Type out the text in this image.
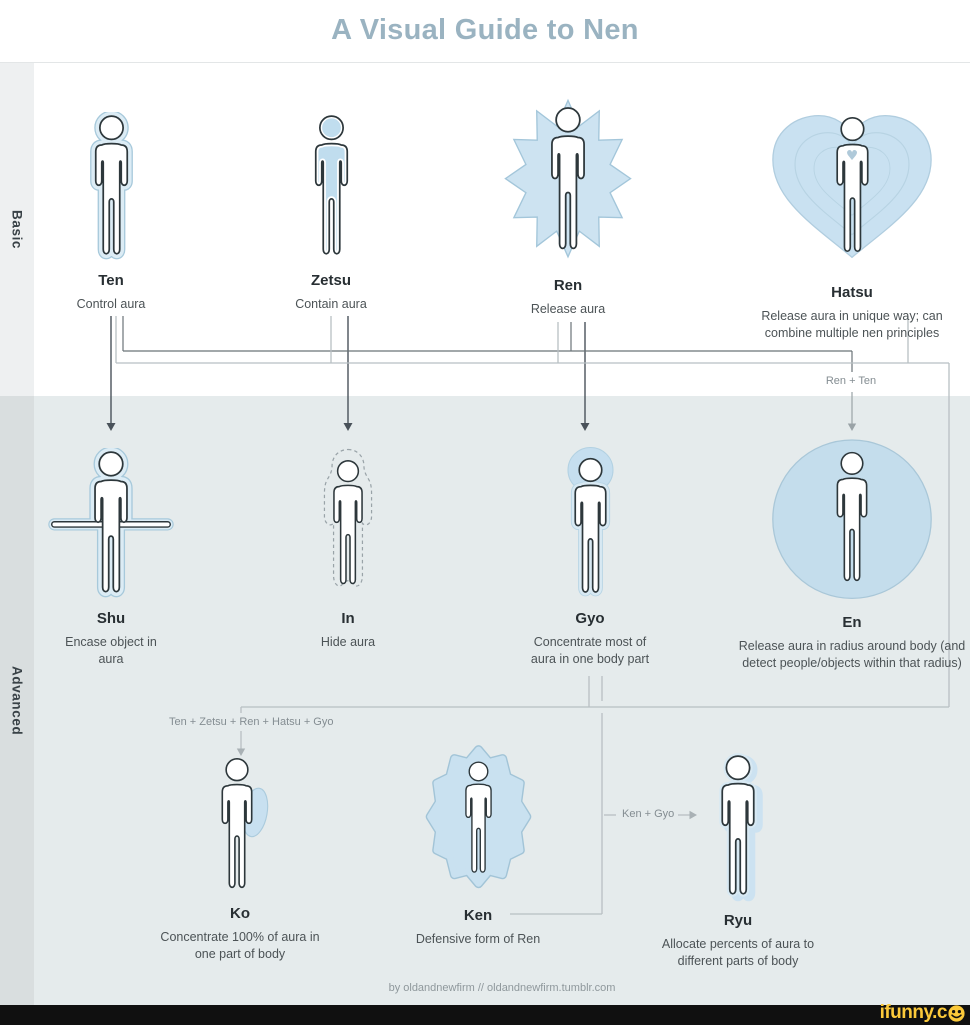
A Visual Guide to Nen
Basic
Advanced
Ten
Control aura
Zetsu
Contain aura
Ren
Release aura
♥
Hatsu
Release aura in unique way; can combine multiple nen principles
Shu
Encase object in aura
In
Hide aura
Gyo
Concentrate most of aura in one body part
En
Release aura in radius around body (and detect people/objects within that radius)
Ko
Concentrate 100% of aura in one part of body
Ken
Defensive form of Ren
Ryu
Allocate percents of aura to different parts of body
Ren + Ten
Ten + Zetsu + Ren + Hatsu + Gyo
Ken + Gyo
by oldandnewfirm // oldandnewfirm.tumblr.com
ifunny.c
